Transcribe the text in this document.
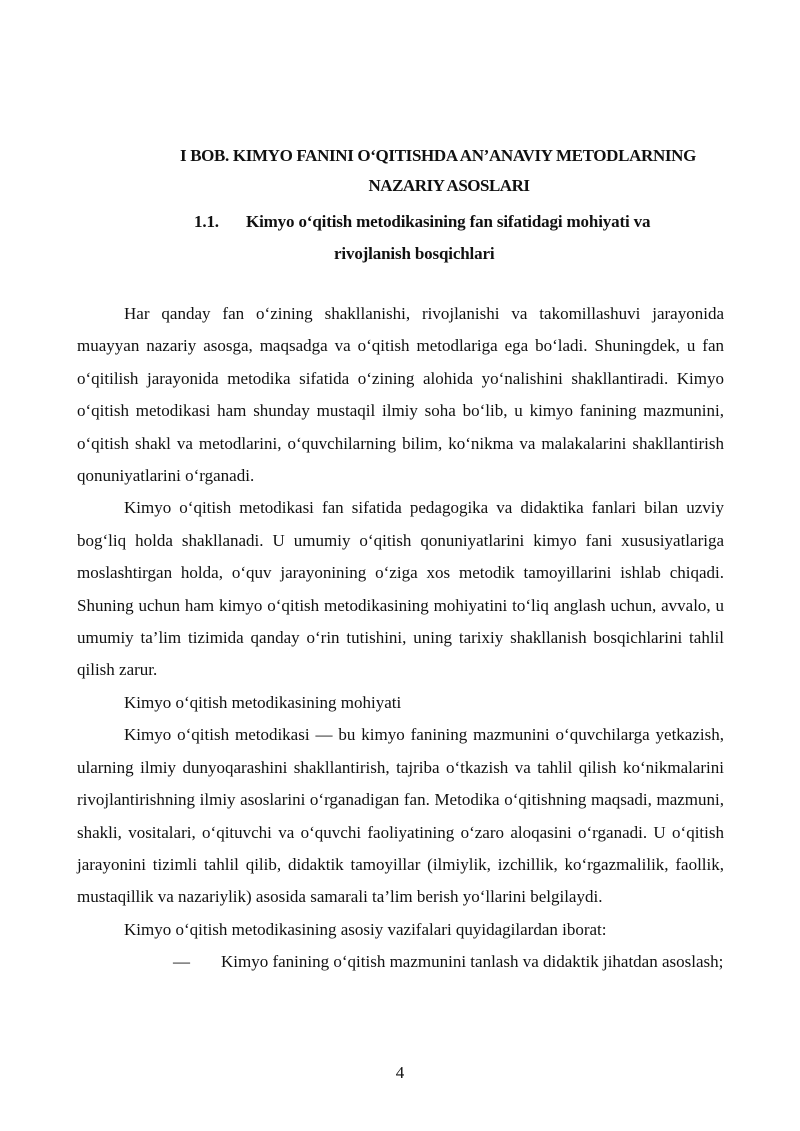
I BOB. KIMYO FANINI O‘QITISHDA AN’ANAVIY METODLARNING
NAZARIY ASOSLARI
1.1. Kimyo o‘qitish metodikasining fan sifatidagi mohiyati va
rivojlanish bosqichlari

Har qanday fan o‘zining shakllanishi, rivojlanishi va takomillashuvi jarayonida muayyan nazariy asosga, maqsadga va o‘qitish metodlariga ega bo‘ladi. Shuningdek, u fan o‘qitilish jarayonida metodika sifatida o‘zining alohida yo‘nalishini shakllantiradi. Kimyo o‘qitish metodikasi ham shunday mustaqil ilmiy soha bo‘lib, u kimyo fanining mazmunini, o‘qitish shakl va metodlarini, o‘quvchilarning bilim, ko‘nikma va malakalarini shakllantirish qonuniyatlarini o‘rganadi.

Kimyo o‘qitish metodikasi fan sifatida pedagogika va didaktika fanlari bilan uzviy bog‘liq holda shakllanadi. U umumiy o‘qitish qonuniyatlarini kimyo fani xususiyatlariga moslashtirgan holda, o‘quv jarayonining o‘ziga xos metodik tamoyillarini ishlab chiqadi. Shuning uchun ham kimyo o‘qitish metodikasining mohiyatini to‘liq anglash uchun, avvalo, u umumiy ta’lim tizimida qanday o‘rin tutishini, uning tarixiy shakllanish bosqichlarini tahlil qilish zarur.

Kimyo o‘qitish metodikasining mohiyati

Kimyo o‘qitish metodikasi — bu kimyo fanining mazmunini o‘quvchilarga yetkazish, ularning ilmiy dunyoqarashini shakllantirish, tajriba o‘tkazish va tahlil qilish ko‘nikmalarini rivojlantirishning ilmiy asoslarini o‘rganadigan fan. Metodika o‘qitishning maqsadi, mazmuni, shakli, vositalari, o‘qituvchi va o‘quvchi faoliyatining o‘zaro aloqasini o‘rganadi. U o‘qitish jarayonini tizimli tahlil qilib, didaktik tamoyillar (ilmiylik, izchillik, ko‘rgazmalilik, faollik, mustaqillik va nazariylik) asosida samarali ta’lim berish yo‘llarini belgilaydi.

Kimyo o‘qitish metodikasining asosiy vazifalari quyidagilardan iborat:

— Kimyo fanining o‘qitish mazmunini tanlash va didaktik jihatdan asoslash;

4
